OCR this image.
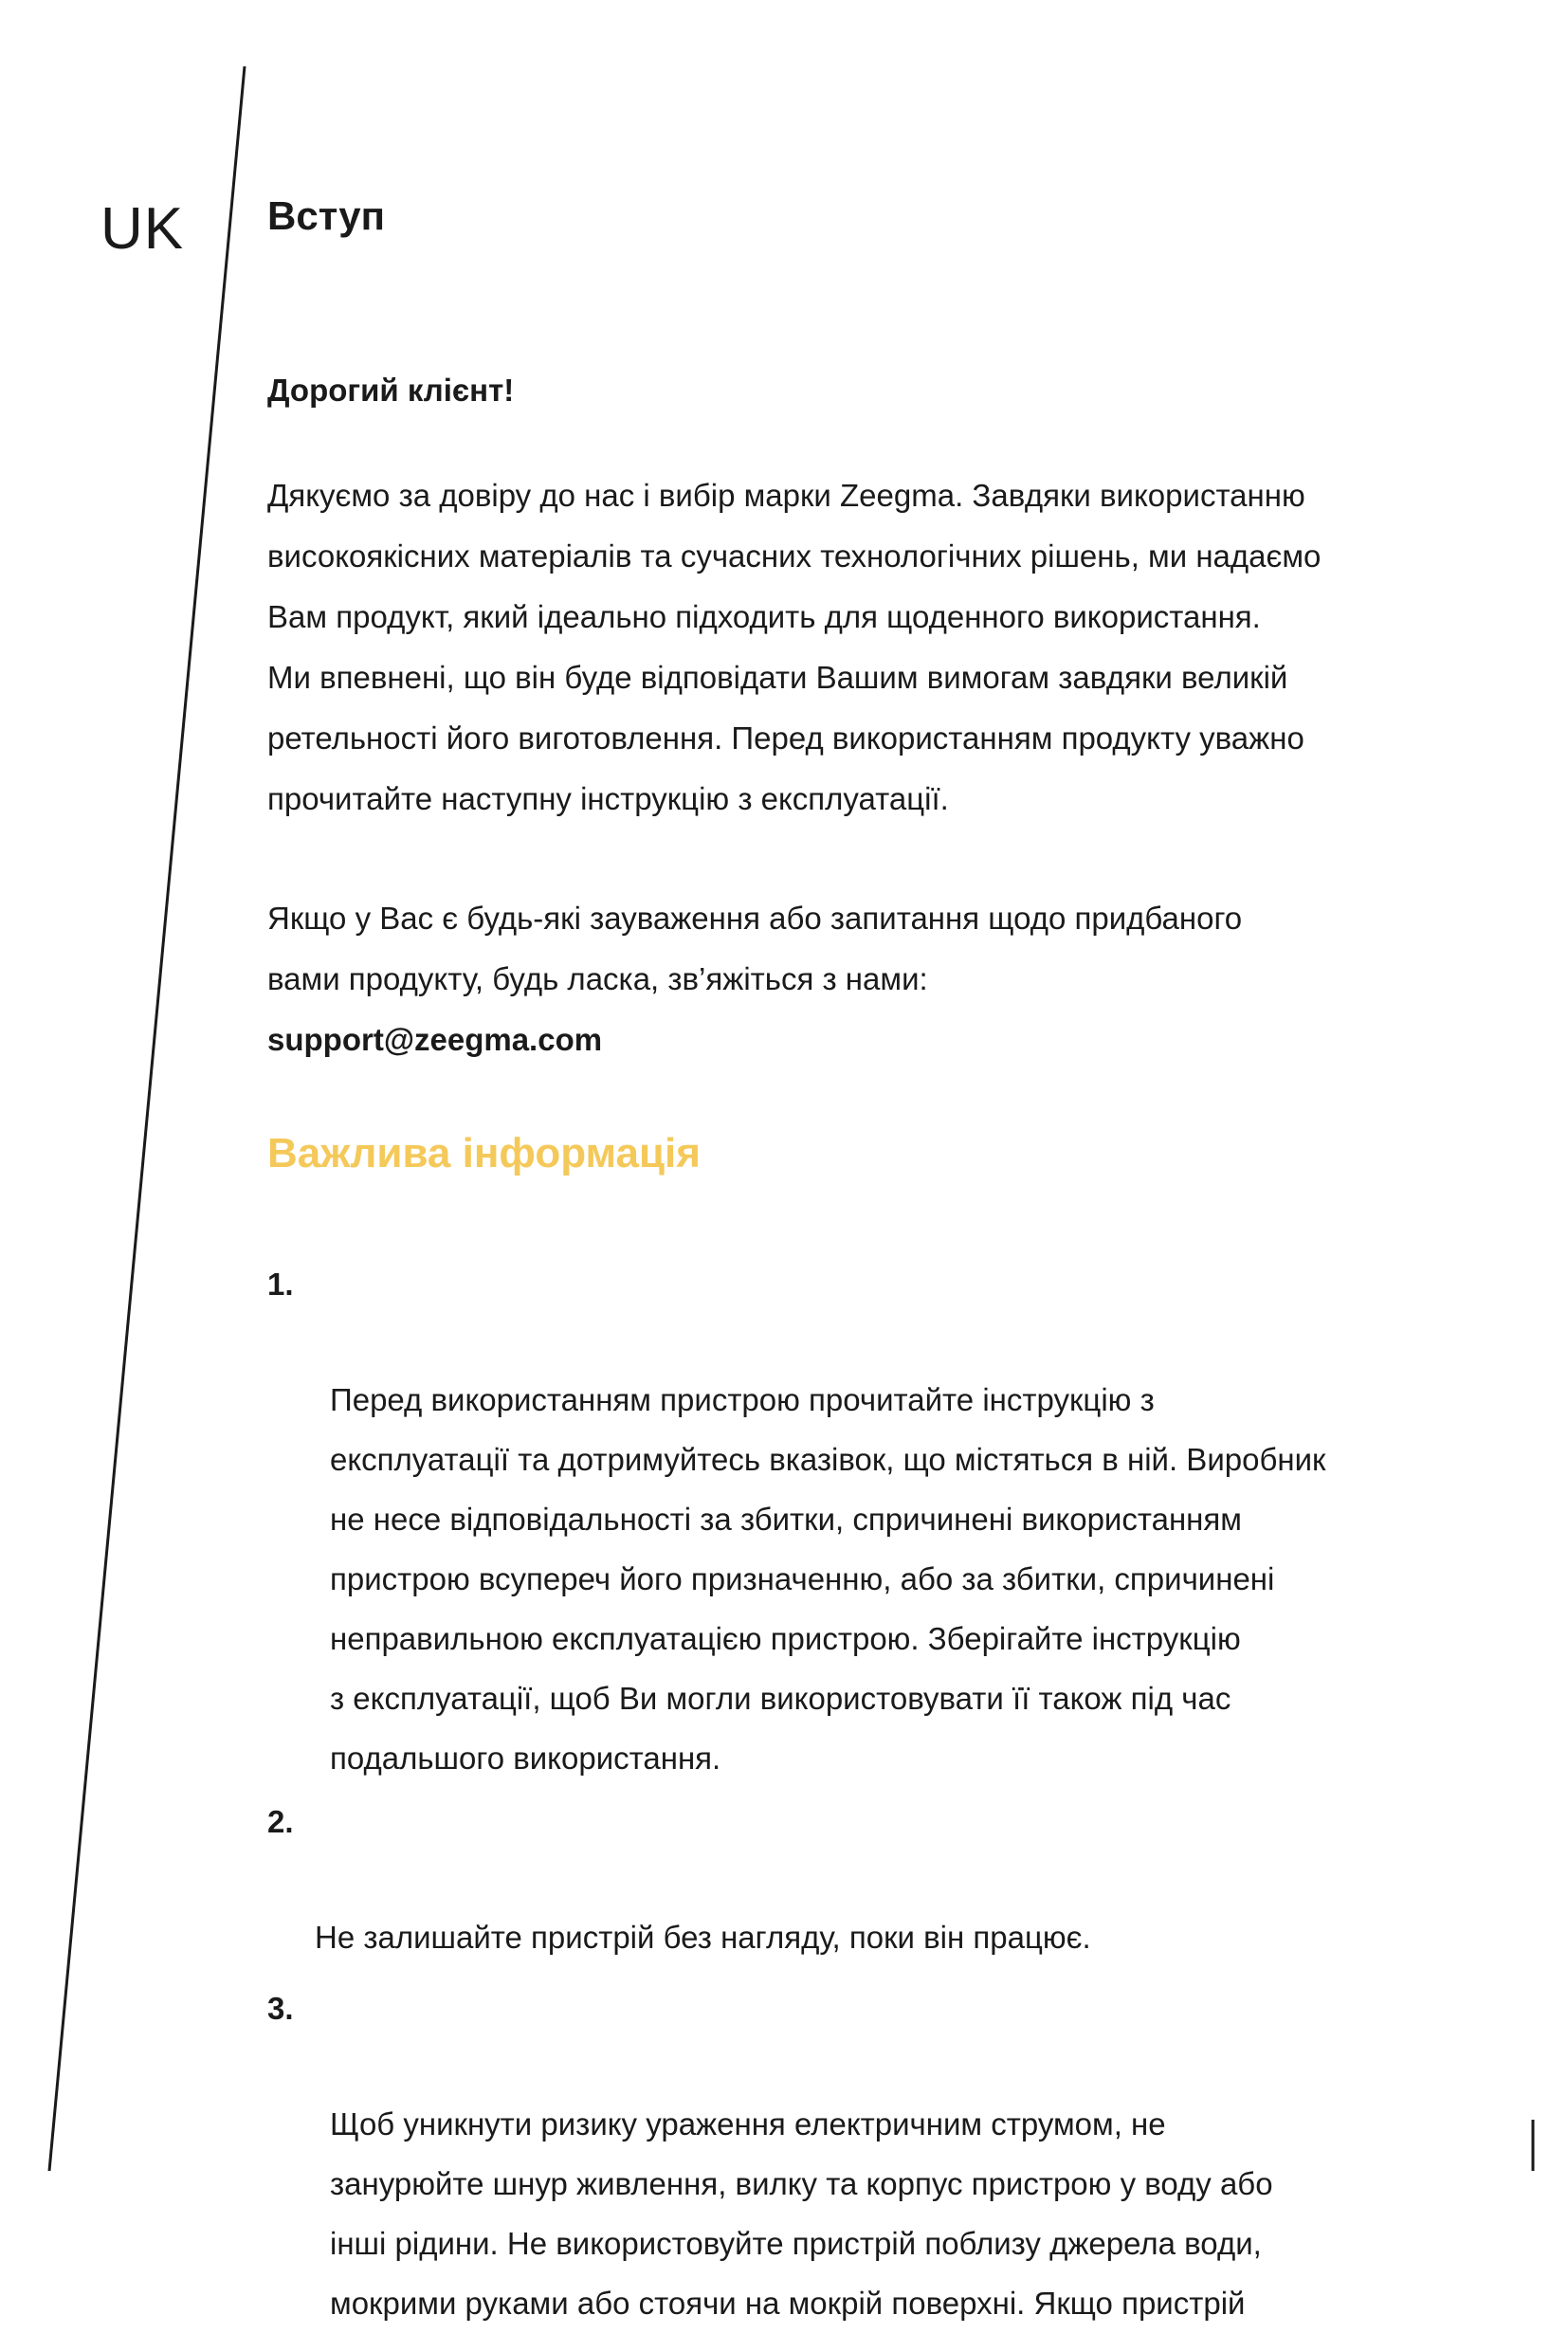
UK Вступ
Дорогий клієнт!
Дякуємо за довіру до нас і вибір марки Zeegma. Завдяки використанню
високоякісних матеріалів та сучасних технологічних рішень, ми надаємо
Вам продукт, який ідеально підходить для щоденного використання.
Ми впевнені, що він буде відповідати Вашим вимогам завдяки великій
ретельності його виготовлення. Перед використанням продукту уважно
прочитайте наступну інструкцію з експлуатації.
Якщо у Вас є будь-які зауваження або запитання щодо придбаного
вами продукту, будь ласка, зв’яжіться з нами:
support@zeegma.com
Важлива інформація

1.

Перед використанням пристрою прочитайте інструкцію з
експлуатації та дотримуйтесь вказівок, що містяться в ній. Виробник
не несе відповідальності за збитки, спричинені використанням
пристрою всупереч його призначенню, або за збитки, спричинені
неправильною експлуатацією пристрою. Зберігайте інструкцію
з експлуатації, щоб Ви могли використовувати її також під час
подальшого використання.

2.

Не залишайте пристрій без нагляду, поки він працює.

3.

Щоб уникнути ризику ураження електричним струмом, не
занурюйте шнур живлення, вилку та корпус пристрою у воду або
інші рідини. Не використовуйте пристрій поблизу джерела води,
мокрими руками або стоячи на мокрій поверхні. Якщо пристрій
